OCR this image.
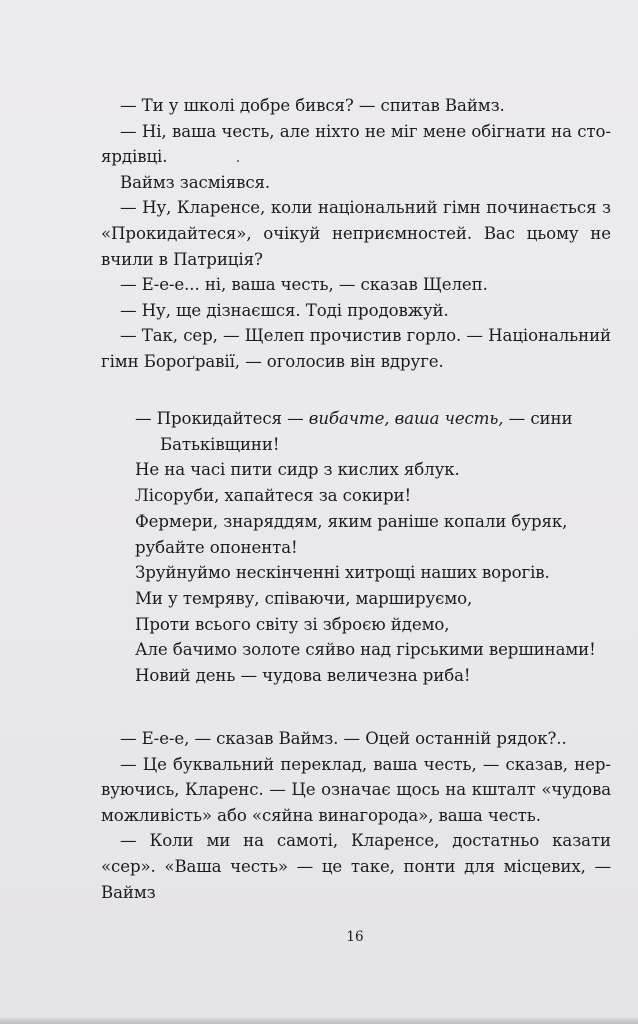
— Ти у школі добре бився? — спитав Ваймз.

— Ні, ваша честь, але ніхто не міг мене обігнати на стоярдівці.

Ваймз засміявся.

— Ну, Кларенсе, коли національний гімн починається з «Прокидайтеся», очікуй неприємностей. Вас цьому не вчили в Патриція?

— Е-е-е... ні, ваша честь, — сказав Щелеп.

— Ну, ще дізнаєшся. Тоді продовжуй.

— Так, сер, — Щелеп прочистив горло. — Національний гімн Бороґравії, — оголосив він вдруге.

— Прокидайтеся — вибачте, ваша честь, — сини
Батьківщини!
Не на часі пити сидр з кислих яблук.
Лісоруби, хапайтеся за сокири!
Фермери, знаряддям, яким раніше копали буряк,
рубайте опонента!
Зруйнуймо нескінченні хитрощі наших ворогів.
Ми у темряву, співаючи, маршируємо,
Проти всього світу зі зброєю йдемо,
Але бачимо золоте сяйво над гірськими вершинами!
Новий день — чудова величезна риба!

— Е-е-е, — сказав Ваймз. — Оцей останній рядок?..

— Це буквальний переклад, ваша честь, — сказав, нервуючись, Кларенс. — Це означає щось на кшталт «чудова можливість» або «сяйна винагорода», ваша честь.

— Коли ми на самоті, Кларенсе, достатньо казати «сер». «Ваша честь» — це таке, понти для місцевих, — Ваймз

16
